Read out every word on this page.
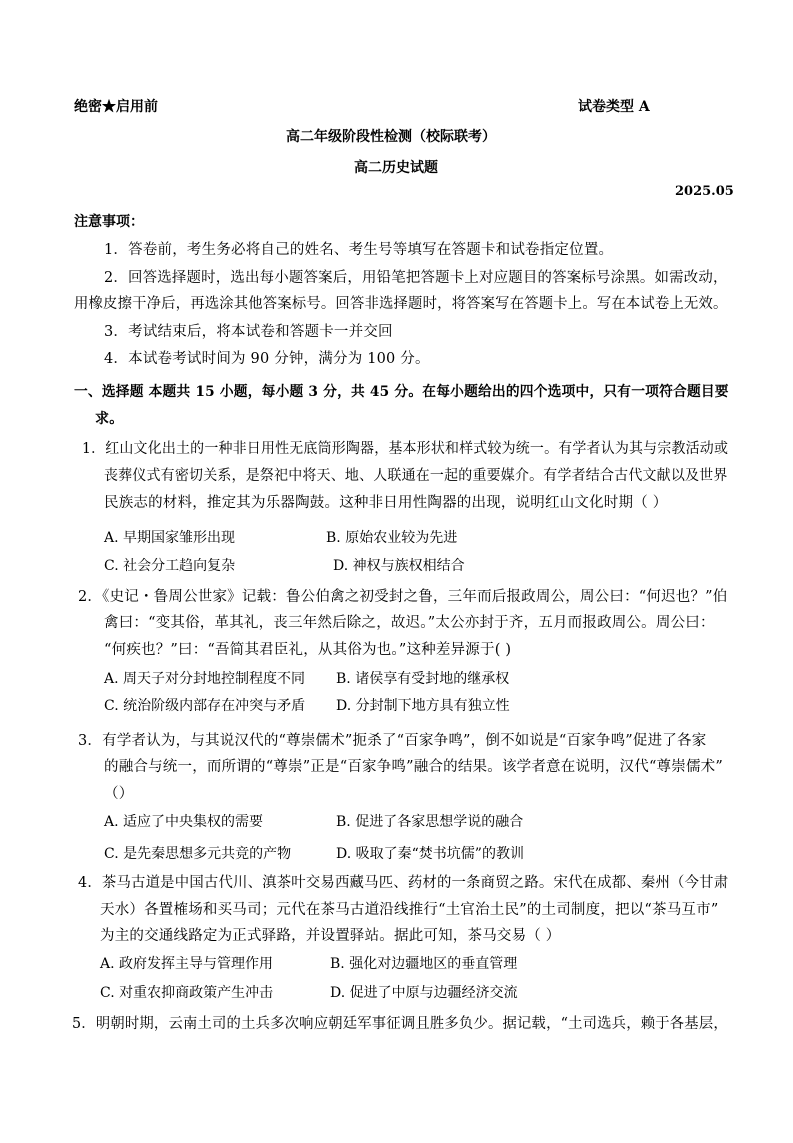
绝密★启用前	试卷类型 A
高二年级阶段性检测（校际联考）
高二历史试题
2025.05
注意事项：
1．答卷前，考生务必将自己的姓名、考生号等填写在答题卡和试卷指定位置。
2．回答选择题时，选出每小题答案后，用铅笔把答题卡上对应题目的答案标号涂黑。如需改动，
用橡皮擦干净后，再选涂其他答案标号。回答非选择题时，将答案写在答题卡上。写在本试卷上无效。
3．考试结束后，将本试卷和答题卡一并交回
4．本试卷考试时间为 90 分钟，满分为 100 分。
一、选择题 本题共 15 小题，每小题 3 分，共 45 分。在每小题给出的四个选项中，只有一项符合题目要
求。
1．红山文化出土的一种非日用性无底筒形陶器，基本形状和样式较为统一。有学者认为其与宗教活动或
丧葬仪式有密切关系，是祭祀中将天、地、人联通在一起的重要媒介。有学者结合古代文献以及世界
民族志的材料，推定其为乐器陶鼓。这种非日用性陶器的出现，说明红山文化时期（ ）
A. 早期国家雏形出现	B. 原始农业较为先进
C. 社会分工趋向复杂	D. 神权与族权相结合
2．《史记・鲁周公世家》记载：鲁公伯禽之初受封之鲁，三年而后报政周公，周公曰：“何迟也？”伯
禽曰：“变其俗，革其礼，丧三年然后除之，故迟。”太公亦封于齐，五月而报政周公。周公曰：
“何疾也？”曰：“吾简其君臣礼，从其俗为也。”这种差异源于( )
A. 周天子对分封地控制程度不同 B. 诸侯享有受封地的继承权
C. 统治阶级内部存在冲突与矛盾 D. 分封制下地方具有独立性
3．有学者认为，与其说汉代的“尊崇儒术”扼杀了“百家争鸣”，倒不如说是“百家争鸣”促进了各家
的融合与统一，而所谓的“尊崇”正是“百家争鸣”融合的结果。该学者意在说明，汉代“尊崇儒术”
（）
A. 适应了中央集权的需要	B. 促进了各家思想学说的融合
C. 是先秦思想多元共竞的产物	D. 吸取了秦“焚书坑儒”的教训
4．茶马古道是中国古代川、滇茶叶交易西藏马匹、药材的一条商贸之路。宋代在成都、秦州（今甘肃
天水）各置榷场和买马司；元代在茶马古道沿线推行“土官治土民”的土司制度，把以“茶马互市”
为主的交通线路定为正式驿路，并设置驿站。据此可知，茶马交易（ ）
A. 政府发挥主导与管理作用	B. 强化对边疆地区的垂直管理
C. 对重农抑商政策产生冲击	D. 促进了中原与边疆经济交流
5．明朝时期，云南土司的土兵多次响应朝廷军事征调且胜多负少。据记载，“土司选兵，赖于各基层，
